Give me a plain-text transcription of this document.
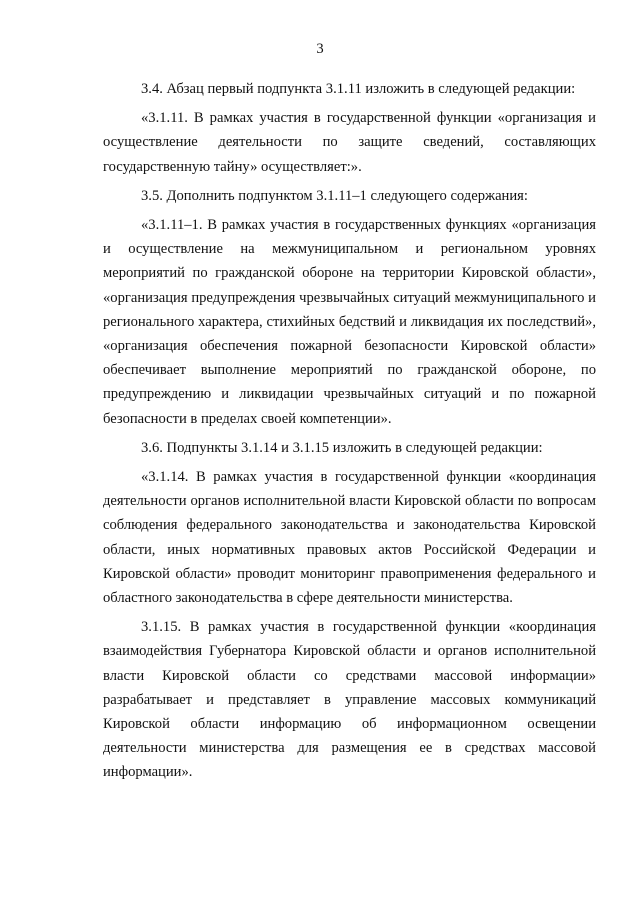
3

3.4. Абзац первый подпункта 3.1.11 изложить в следующей редакции:

«3.1.11. В рамках участия в государственной функции «организация и осуществление деятельности по защите сведений, составляющих государственную тайну» осуществляет:».

3.5. Дополнить подпунктом 3.1.11–1 следующего содержания:

«3.1.11–1. В рамках участия в государственных функциях «организация и осуществление на межмуниципальном и региональном уровнях мероприятий по гражданской обороне на территории Кировской области», «организация предупреждения чрезвычайных ситуаций межмуниципального и регионального характера, стихийных бедствий и ликвидация их последствий», «организация обеспечения пожарной безопасности Кировской области» обеспечивает выполнение мероприятий по гражданской обороне, по предупреждению и ликвидации чрезвычайных ситуаций и по пожарной безопасности в пределах своей компетенции».

3.6. Подпункты 3.1.14 и 3.1.15 изложить в следующей редакции:

«3.1.14. В рамках участия в государственной функции «координация деятельности органов исполнительной власти Кировской области по вопросам соблюдения федерального законодательства и законодательства Кировской области, иных нормативных правовых актов Российской Федерации и Кировской области» проводит мониторинг правоприменения федерального и областного законодательства в сфере деятельности министерства.

3.1.15. В рамках участия в государственной функции «координация взаимодействия Губернатора Кировской области и органов исполнительной власти Кировской области со средствами массовой информации» разрабатывает и представляет в управление массовых коммуникаций Кировской области информацию об информационном освещении деятельности министерства для размещения ее в средствах массовой информации».
